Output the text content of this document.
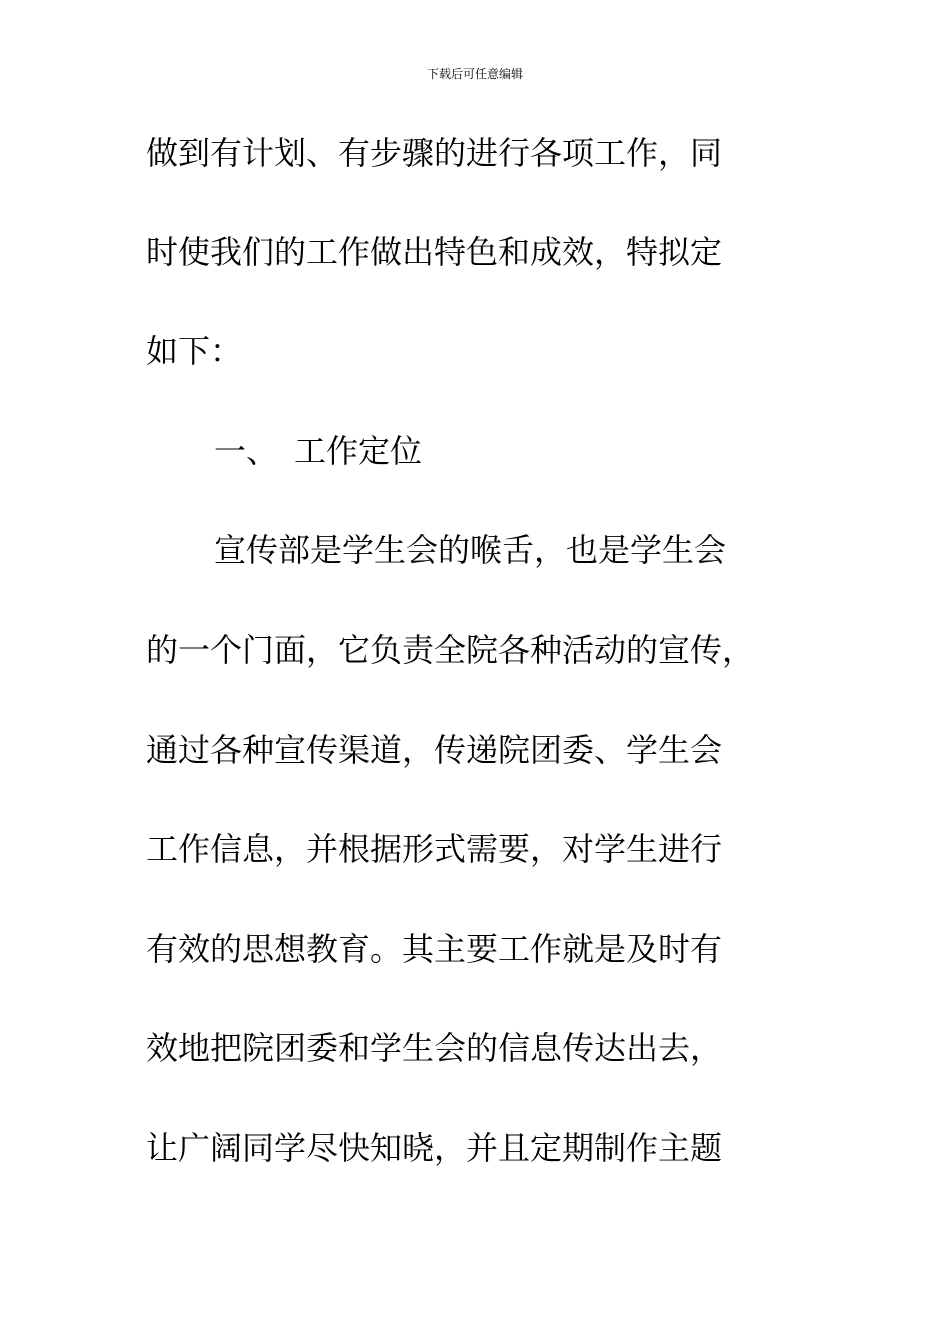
下载后可任意编辑
做到有计划、有步骤的进行各项工作，同
时使我们的工作做出特色和成效，特拟定
如下：
一、　工作定位
宣传部是学生会的喉舌，也是学生会
的一个门面，它负责全院各种活动的宣传，
通过各种宣传渠道，传递院团委、学生会
工作信息，并根据形式需要，对学生进行
有效的思想教育。其主要工作就是及时有
效地把院团委和学生会的信息传达出去，
让广阔同学尽快知晓，并且定期制作主题
